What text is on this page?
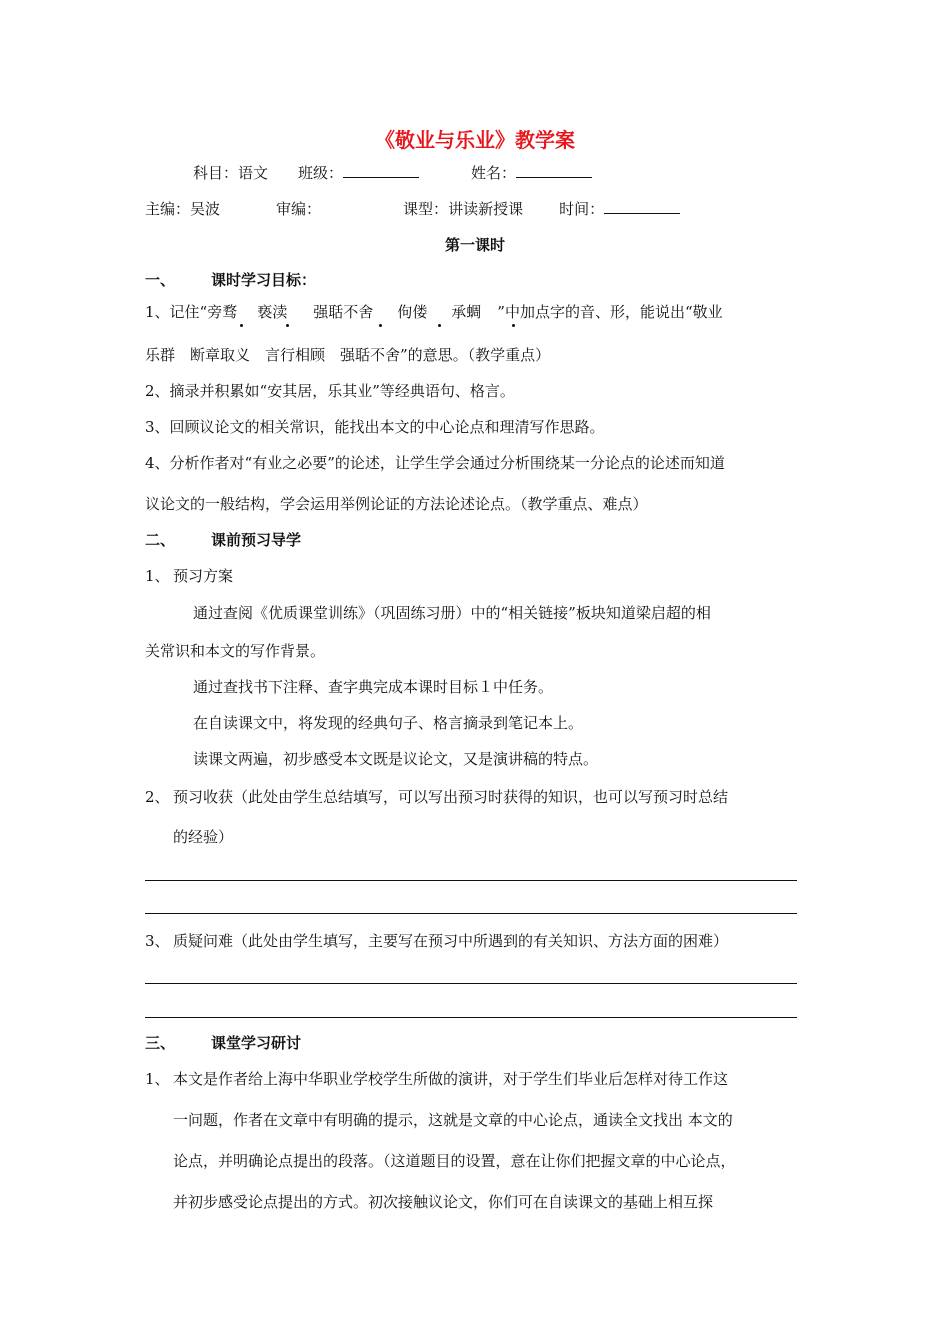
《敬业与乐业》教学案
科目：语文 班级：	姓名：
主编：吴波	审编：	课型：讲读新授课 时间：
第一课时
一、 课时学习目标：
1、记住“旁骛 亵渎 强聒不舍 佝偻 承蜩 ”中加点字的音、形，能说出“敬业
乐群　断章取义　言行相顾　强聒不舍”的意思。（教学重点）
2、摘录并积累如“安其居，乐其业”等经典语句、格言。
3、回顾议论文的相关常识，能找出本文的中心论点和理清写作思路。
4、分析作者对“有业之必要”的论述，让学生学会通过分析围绕某一分论点的论述而知道
议论文的一般结构，学会运用举例论证的方法论述论点。（教学重点、难点）
二、 课前预习导学
1、 预习方案
通过查阅《优质课堂训练》（巩固练习册）中的“相关链接”板块知道梁启超的相
关常识和本文的写作背景。
通过查找书下注释、查字典完成本课时目标１中任务。
在自读课文中，将发现的经典句子、格言摘录到笔记本上。
读课文两遍，初步感受本文既是议论文，又是演讲稿的特点。
2、 预习收获（此处由学生总结填写，可以写出预习时获得的知识，也可以写预习时总结
的经验）
3、 质疑问难（此处由学生填写，主要写在预习中所遇到的有关知识、方法方面的困难）
三、 课堂学习研讨
1、 本文是作者给上海中华职业学校学生所做的演讲，对于学生们毕业后怎样对待工作这
一问题，作者在文章中有明确的提示，这就是文章的中心论点，通读全文找出 本文的
论点，并明确论点提出的段落。（这道题目的设置，意在让你们把握文章的中心论点，
并初步感受论点提出的方式。初次接触议论文，你们可在自读课文的基础上相互探
